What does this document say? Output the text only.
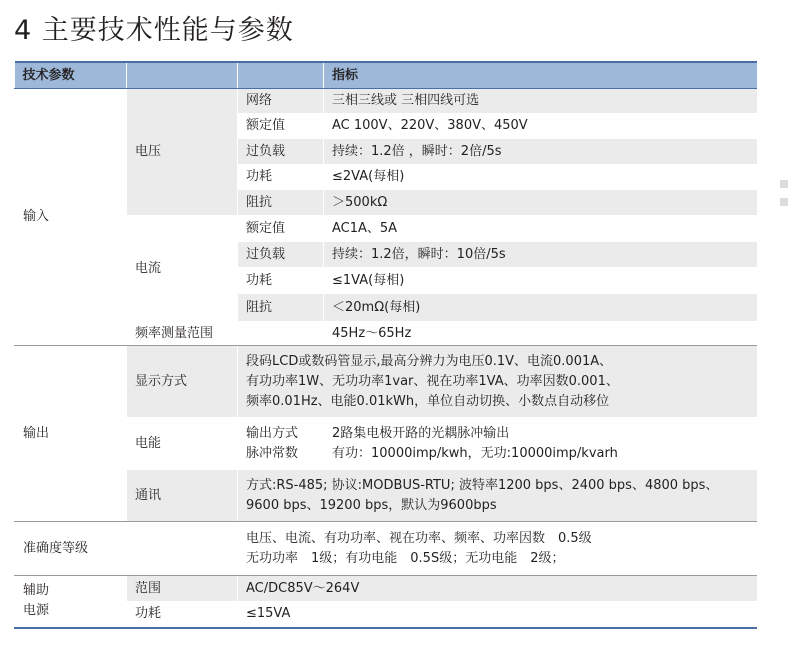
4 主要技术性能与参数
技术参数			指标
输入	电压	网络	三相三线或 三相四线可选
		额定值	AC 100V、220V、380V、450V
		过负载	持续：1.2倍 ，瞬时：2倍/5s
		功耗	≤2VA(每相)
		阻抗	＞500kΩ
	电流	额定值	AC1A、5A
		过负载	持续：1.2倍，瞬时：10倍/5s
		功耗	≤1VA(每相)
		阻抗	＜20mΩ(每相)
	频率测量范围		45Hz～65Hz
输出	显示方式	段码LCD或数码管显示,最高分辨力为电压0.1V、电流0.001A、
有功功率1W、无功功率1var、视在功率1VA、功率因数0.001、
频率0.01Hz、电能0.01kWh，单位自动切换、小数点自动移位	

	电能	输出方式 2路集电极开路的光耦脉冲输出
脉冲常数 有功：10000imp/kwh，无功:10000imp/kvarh	

	通讯	方式:RS-485; 协议:MODBUS-RTU; 波特率1200 bps、2400 bps、4800 bps、
9600 bps、19200 bps，默认为9600bps	

准确度等级		电压、电流、有功功率、视在功率、频率、功率因数　0.5级
无功功率　1级；有功电能　0.5S级；无功电能　2级；	

辅助
电源	范围	AC/DC85V～264V	
	功耗	≤15VA	
